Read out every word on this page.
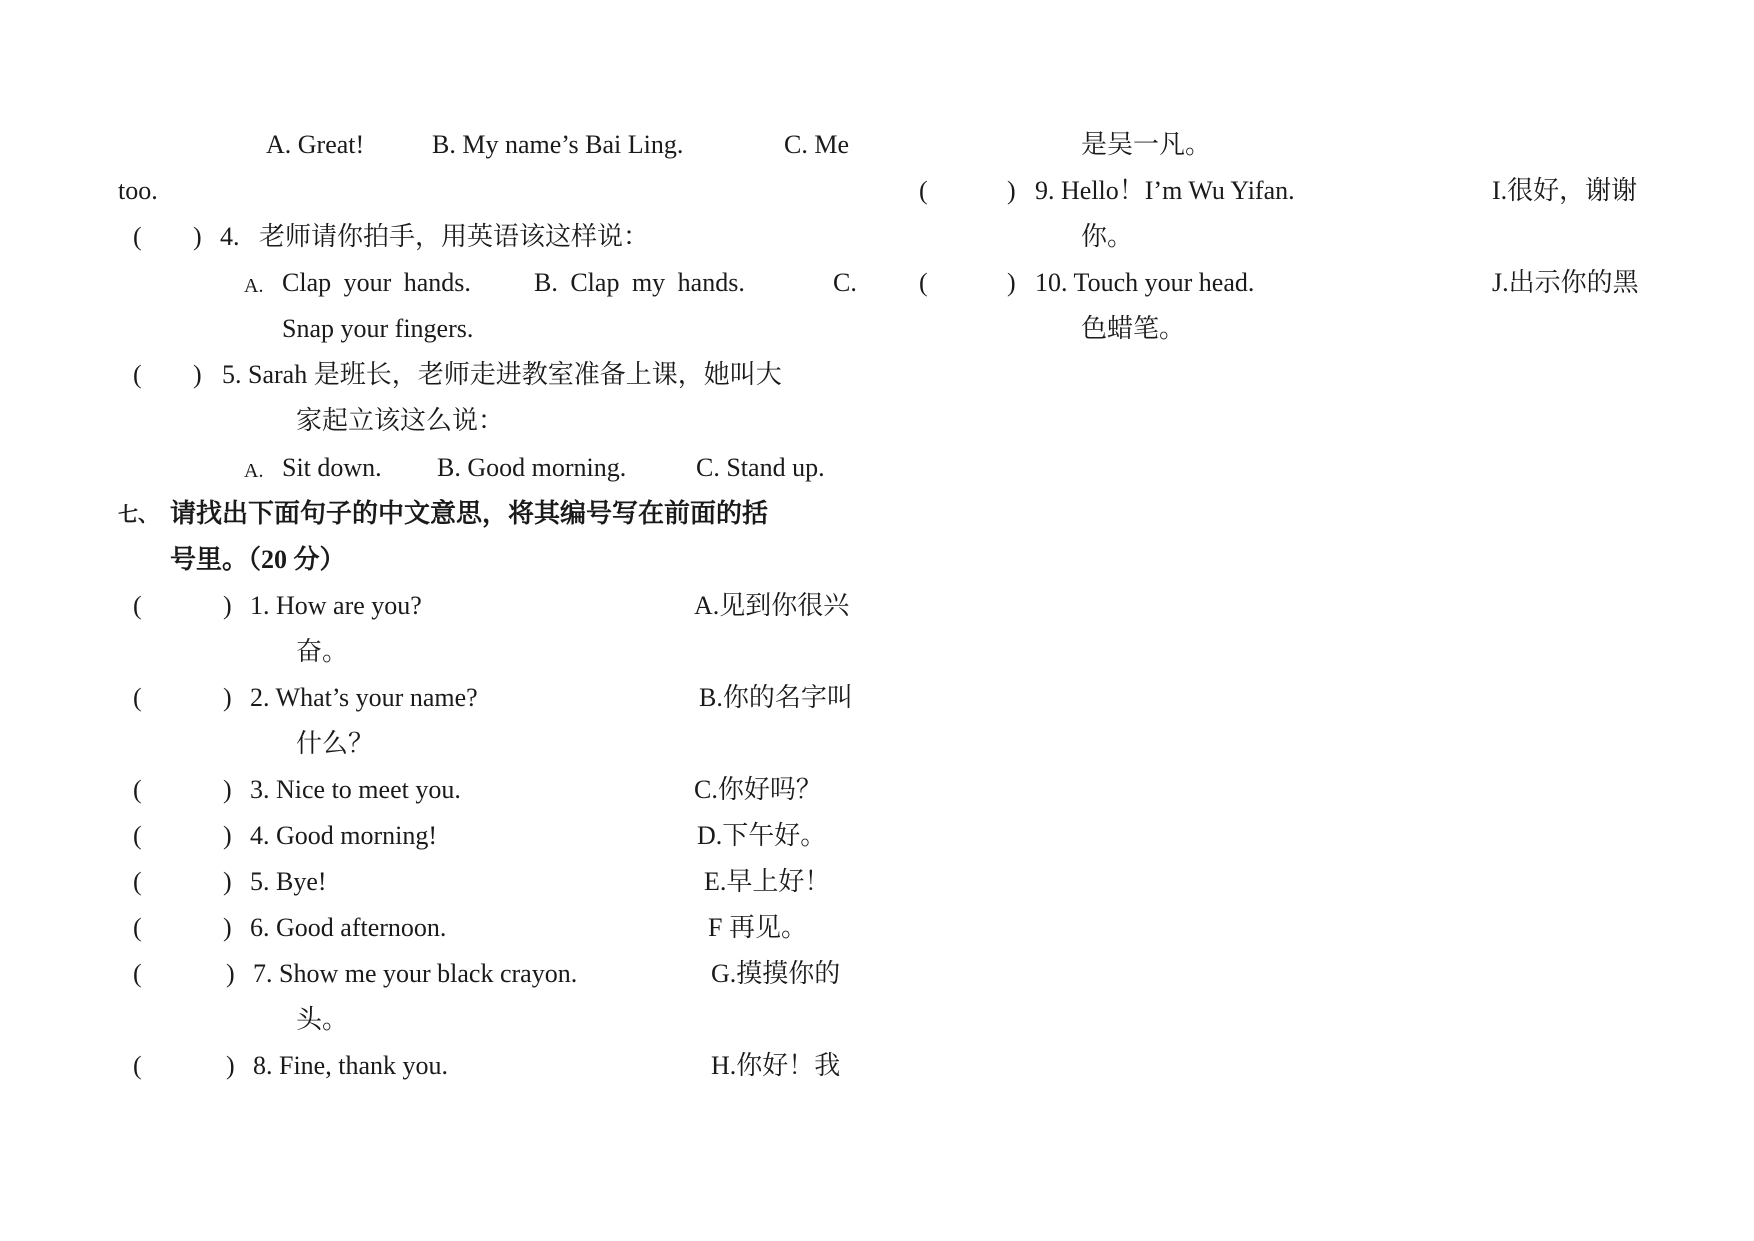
A. Great!	B. My name’s Bai Ling.	C. Me
too.
( ) 4. 老师请你拍手，用英语该这样说：
A. Clap your hands. B. Clap my hands.	C.
Snap your fingers.
( ) 5. Sarah 是班长，老师走进教室准备上课，她叫大
家起立该这么说：
A. Sit down. B. Good morning.	C. Stand up.
七、 请找出下面句子的中文意思，将其编号写在前面的括
号里。（20 分）
(	) 1. How are you?	A.见到你很兴
奋。
(	) 2. What’s your name?	B.你的名字叫
什么？
(	) 3. Nice to meet you.	C.你好吗？
(	) 4. Good morning!	D.下午好。
(	) 5. Bye!	E.早上好！
(	) 6. Good afternoon.	F 再见。
(	) 7. Show me your black crayon.	G.摸摸你的
头。
(	) 8. Fine, thank you.	H.你好！我
是吴一凡。
(	) 9. Hello！I’m Wu Yifan.	I.很好，谢谢
你。
(	) 10. Touch your head.	J.出示你的黑
色蜡笔。
